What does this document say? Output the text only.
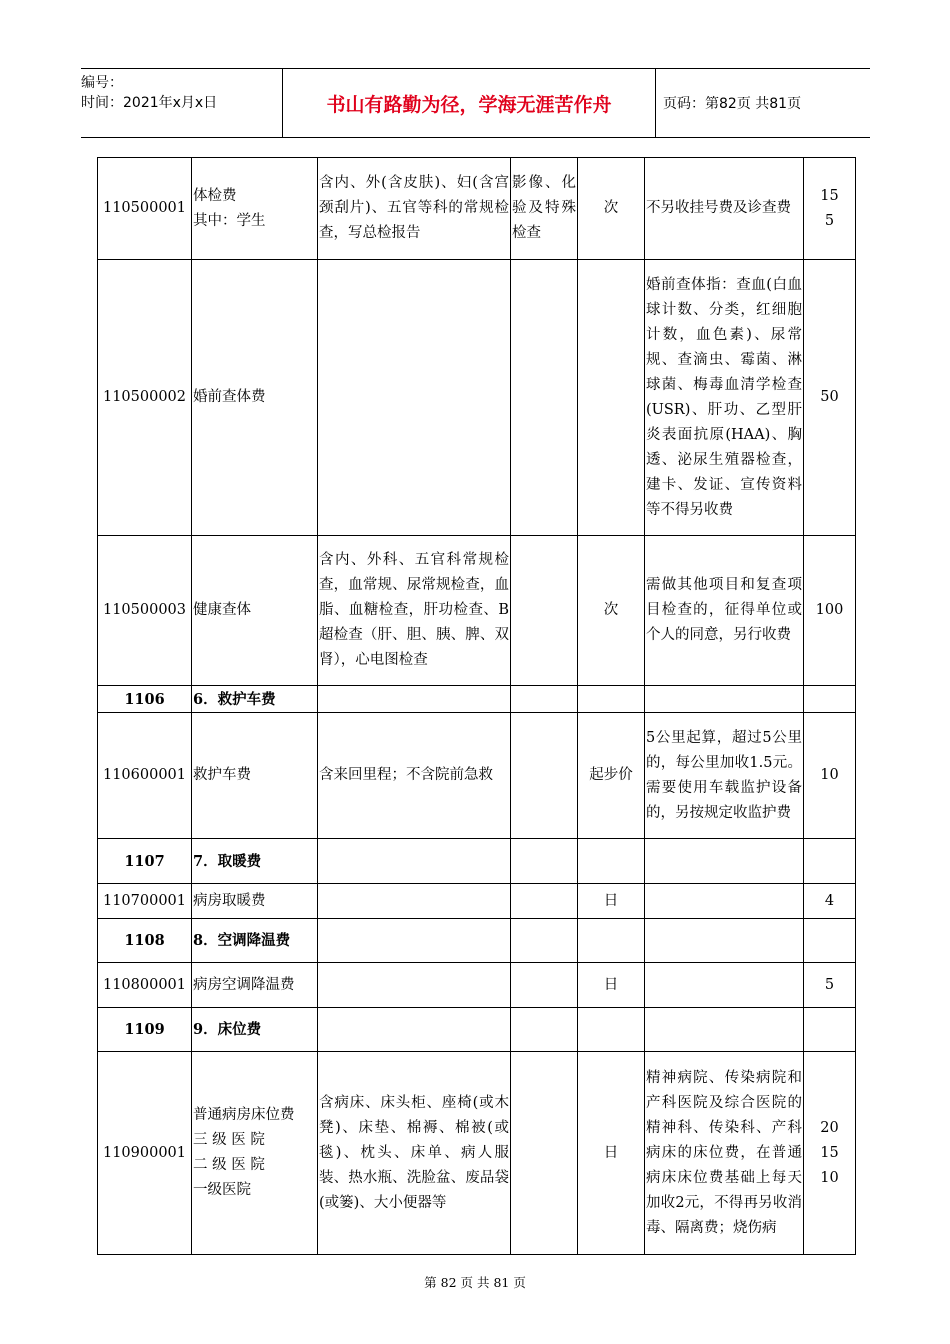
编号：
时间：2021年x月x日	书山有路勤为径，学海无涯苦作舟	页码：第82页 共81页
110500001	体检费
其中：学生	含内、外(含皮肤)、妇(含宫颈刮片)、五官等科的常规检查，写总检报告	影像、化验及特殊检查	次	不另收挂号费及诊查费	15
5
110500002	婚前查体费				婚前查体指：查血(白血球计数、分类，红细胞计数，血色素)、尿常规、查滴虫、霉菌、淋球菌、梅毒血清学检查(USR)、肝功、乙型肝炎表面抗原(HAA)、胸透、泌尿生殖器检查，建卡、发证、宣传资料等不得另收费	50
110500003	健康查体	含内、外科、五官科常规检查，血常规、尿常规检查，血脂、血糖检查，肝功检查、B超检查（肝、胆、胰、脾、双肾），心电图检查		次	需做其他项目和复查项目检查的，征得单位或个人的同意，另行收费	100
1106	6．救护车费					
110600001	救护车费	含来回里程；不含院前急救		起步价	5公里起算，超过5公里的，每公里加收1.5元。需要使用车载监护设备的，另按规定收监护费	10
1107	7．取暖费					
110700001	病房取暖费			日		4
1108	8．空调降温费					
110800001	病房空调降温费			日		5
1109	9．床位费					
110900001	普通病房床位费
三 级 医 院
二 级 医 院
一级医院	含病床、床头柜、座椅(或木凳)、床垫、棉褥、棉被(或毯)、枕头、床单、病人服装、热水瓶、洗脸盆、废品袋(或篓)、大小便器等		日	精神病院、传染病院和产科医院及综合医院的精神科、传染科、产科病床的床位费，在普通病床床位费基础上每天加收2元，不得再另收消毒、隔离费；烧伤病	20
15
10
第 82 页 共 81 页
